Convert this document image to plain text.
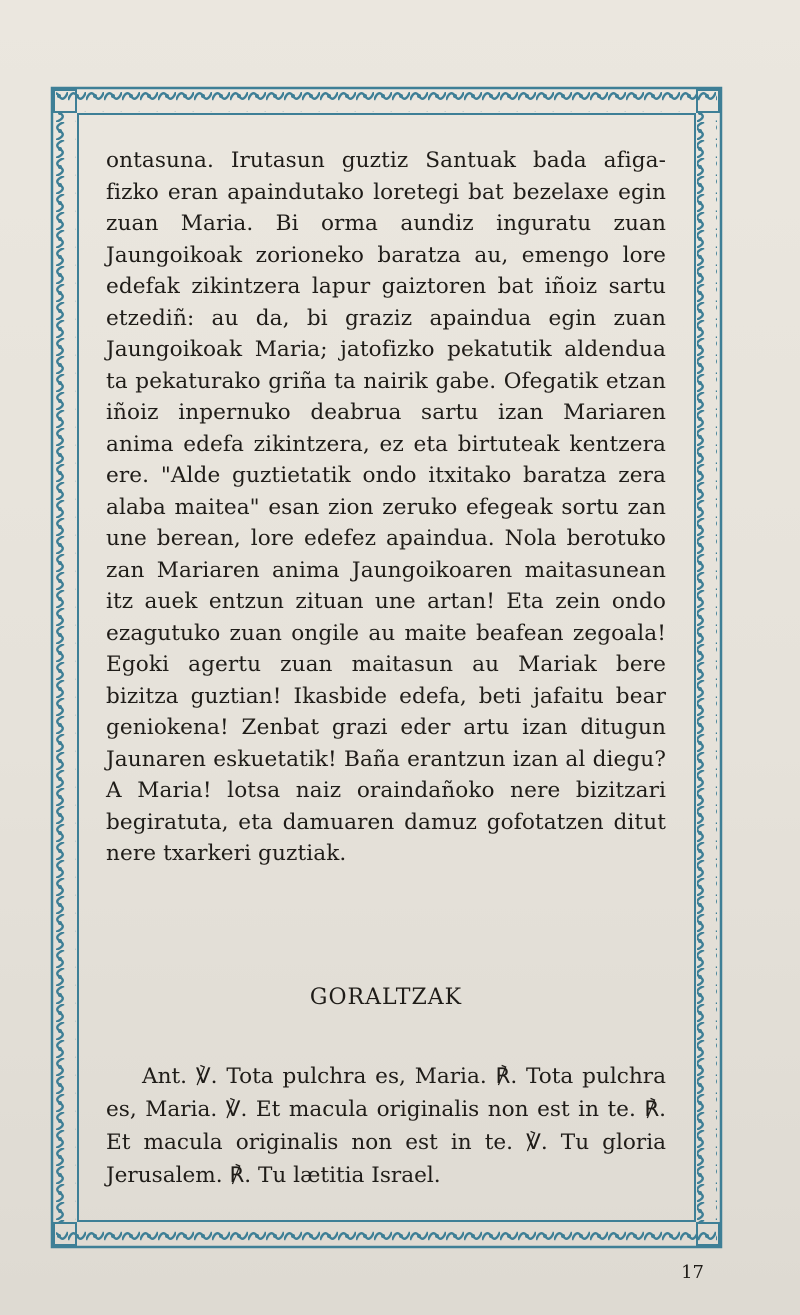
ontasuna. Irutasun guztiz Santuak bada afiga-fizko eran apaindutako loretegi bat bezelaxe egin zuan Maria. Bi orma aundiz inguratu zuan Jaungoikoak zorioneko baratza au, emengo lore edefak zikintzera lapur gaiztoren bat iñoiz sartu etzediñ: au da, bi graziz apaindua egin zuan Jaungoikoak Maria; jatofizko pekatutik aldendua ta pekaturako griña ta nairik gabe. Ofegatik etzan iñoiz inpernuko deabrua sartu izan Mariaren anima edefa zikintzera, ez eta birtuteak kentzera ere. "Alde guztietatik ondo itxitako baratza zera alaba maitea" esan zion zeruko efegeak sortu zan une berean, lore edefez apaindua. Nola berotuko zan Mariaren anima Jaungoikoaren maitasunean itz auek entzun zituan une artan! Eta zein ondo ezagutuko zuan ongile au maite beafean zegoala! Egoki agertu zuan maitasun au Mariak bere bizitza guztian! Ikasbide edefa, beti jafaitu bear geniokena! Zenbat grazi eder artu izan ditugun Jaunaren eskuetatik! Baña erantzun izan al diegu? A Maria! lotsa naiz oraindañoko nere bizitzari begiratuta, eta damuaren damuz gofotatzen ditut nere txarkeri guztiak.

GORALTZAK

Ant. ℣. Tota pulchra es, Maria. ℟. Tota pulchra es, Maria. ℣. Et macula originalis non est in te. ℟. Et macula originalis non est in te. ℣. Tu gloria Jerusalem. ℟. Tu lætitia Israel.

17
